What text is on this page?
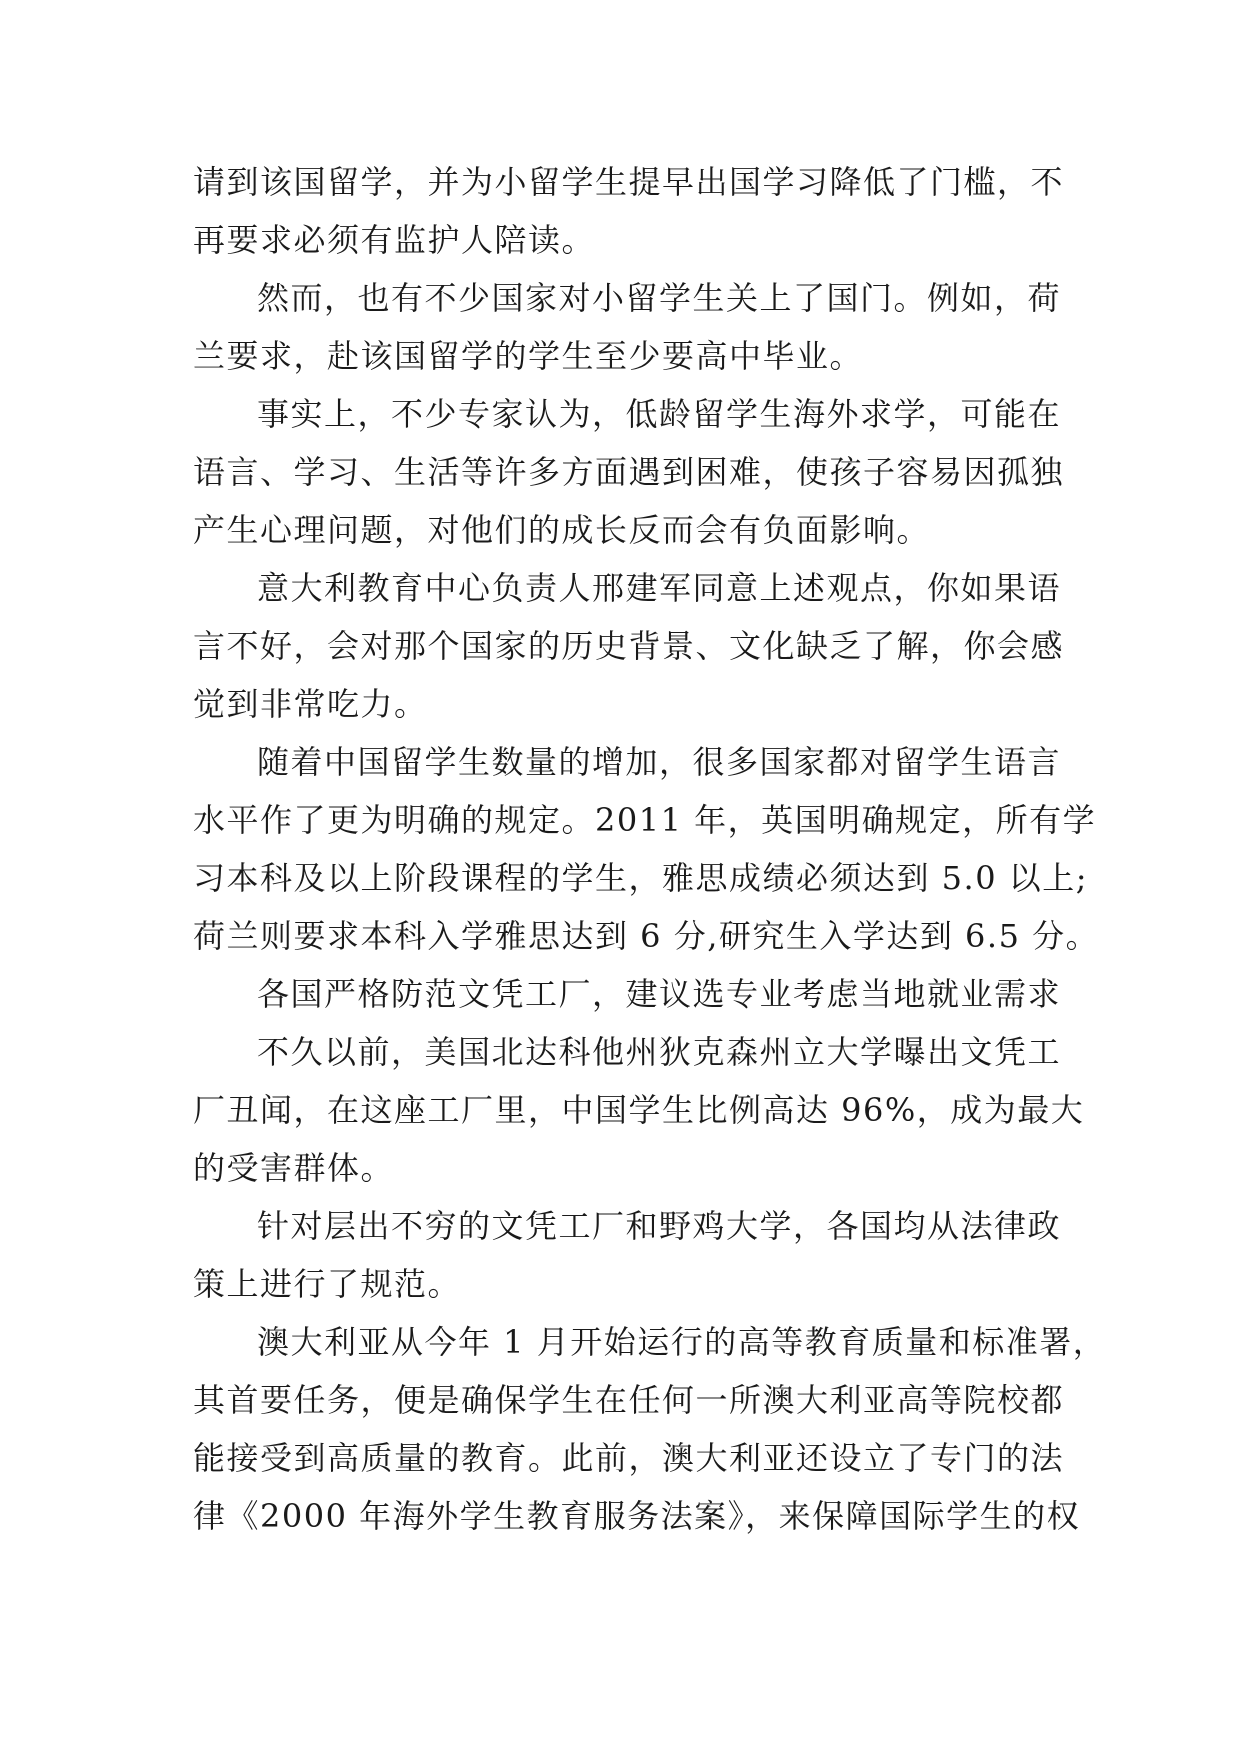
请到该国留学，并为小留学生提早出国学习降低了门槛，不
再要求必须有监护人陪读。
然而，也有不少国家对小留学生关上了国门。例如，荷
兰要求，赴该国留学的学生至少要高中毕业。
事实上，不少专家认为，低龄留学生海外求学，可能在
语言、学习、生活等许多方面遇到困难，使孩子容易因孤独
产生心理问题，对他们的成长反而会有负面影响。
意大利教育中心负责人邢建军同意上述观点，你如果语
言不好，会对那个国家的历史背景、文化缺乏了解，你会感
觉到非常吃力。
随着中国留学生数量的增加，很多国家都对留学生语言
水平作了更为明确的规定。2011 年，英国明确规定，所有学
习本科及以上阶段课程的学生，雅思成绩必须达到 5.0 以上;
荷兰则要求本科入学雅思达到 6 分,研究生入学达到 6.5 分。
各国严格防范文凭工厂，建议选专业考虑当地就业需求
不久以前，美国北达科他州狄克森州立大学曝出文凭工
厂丑闻，在这座工厂里，中国学生比例高达 96%，成为最大
的受害群体。
针对层出不穷的文凭工厂和野鸡大学，各国均从法律政
策上进行了规范。
澳大利亚从今年 1 月开始运行的高等教育质量和标准署，
其首要任务，便是确保学生在任何一所澳大利亚高等院校都
能接受到高质量的教育。此前，澳大利亚还设立了专门的法
律《2000 年海外学生教育服务法案》，来保障国际学生的权
